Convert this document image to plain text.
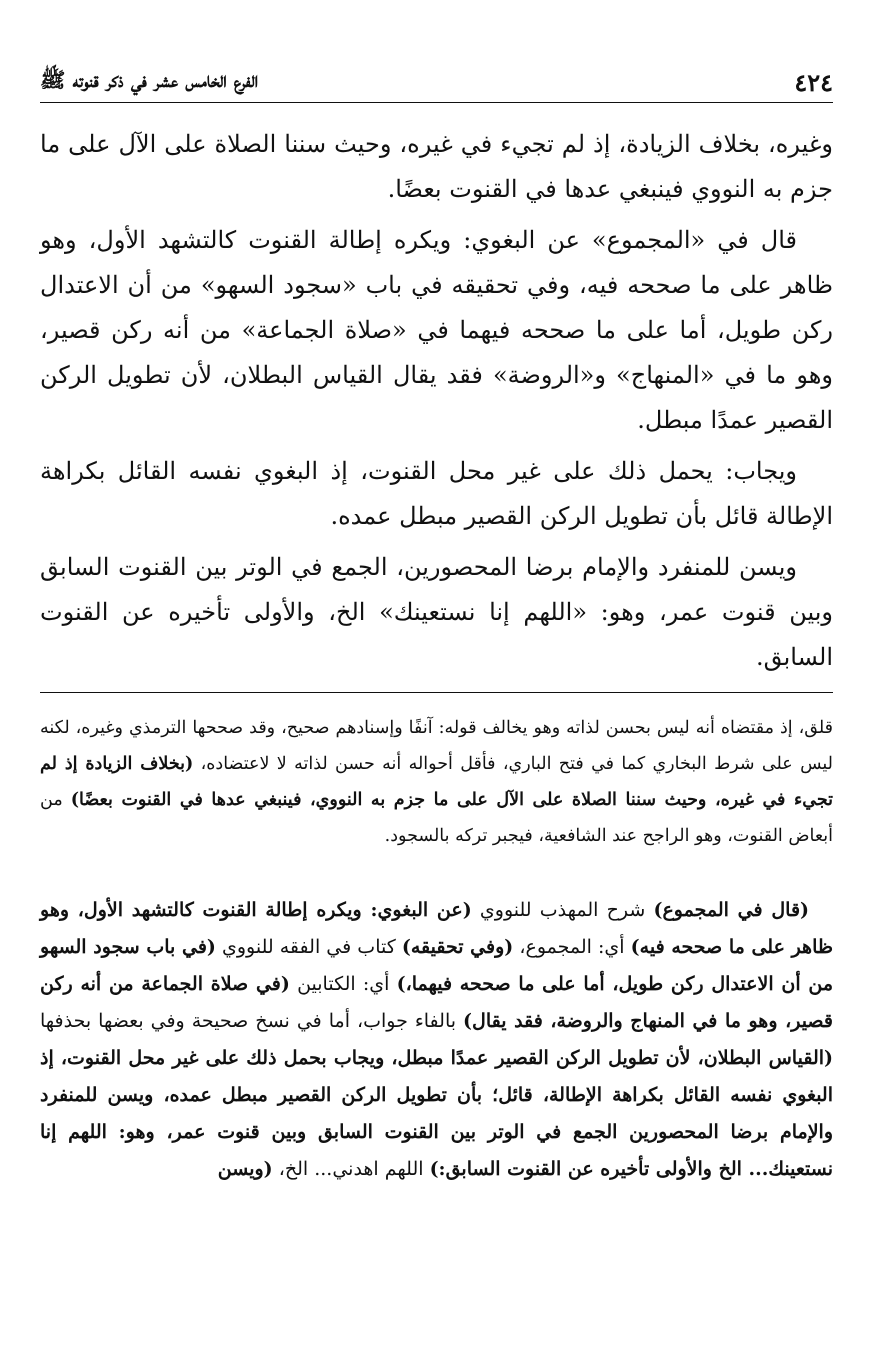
٤٢٤
الفرع الخامس عشر في ذكر قنوته ﷺ

وغيره، بخلاف الزيادة، إذ لم تجيء في غيره، وحيث سننا الصلاة على الآل على ما جزم به النووي فينبغي عدها في القنوت بعضًا.

قال في «المجموع» عن البغوي: ويكره إطالة القنوت كالتشهد الأول، وهو ظاهر على ما صححه فيه، وفي تحقيقه في باب «سجود السهو» من أن الاعتدال ركن طويل، أما على ما صححه فيهما في «صلاة الجماعة» من أنه ركن قصير، وهو ما في «المنهاج» و«الروضة» فقد يقال القياس البطلان، لأن تطويل الركن القصير عمدًا مبطل.

ويجاب: يحمل ذلك على غير محل القنوت، إذ البغوي نفسه القائل بكراهة الإطالة قائل بأن تطويل الركن القصير مبطل عمده.

ويسن للمنفرد والإمام برضا المحصورين، الجمع في الوتر بين القنوت السابق وبين قنوت عمر، وهو: «اللهم إنا نستعينك» الخ، والأولى تأخيره عن القنوت السابق.

قلق، إذ مقتضاه أنه ليس بحسن لذاته وهو يخالف قوله: آنفًا وإسنادهم صحيح، وقد صححها الترمذي وغيره، لكنه ليس على شرط البخاري كما في فتح الباري، فأقل أحواله أنه حسن لذاته لا لاعتضاده، (بخلاف الزيادة إذ لم تجيء في غيره، وحيث سننا الصلاة على الآل على ما جزم به النووي، فينبغي عدها في القنوت بعضًا) من أبعاض القنوت، وهو الراجح عند الشافعية، فيجبر تركه بالسجود.

(قال في المجموع) شرح المهذب للنووي (عن البغوي: ويكره إطالة القنوت كالتشهد الأول، وهو ظاهر على ما صححه فيه) أي: المجموع، (وفي تحقيقه) كتاب في الفقه للنووي (في باب سجود السهو من أن الاعتدال ركن طويل، أما على ما صححه فيهما،) أي: الكتابين (في صلاة الجماعة من أنه ركن قصير، وهو ما في المنهاج والروضة، فقد يقال) بالفاء جواب، أما في نسخ صحيحة وفي بعضها بحذفها (القياس البطلان، لأن تطويل الركن القصير عمدًا مبطل، ويجاب بحمل ذلك على غير محل القنوت، إذ البغوي نفسه القائل بكراهة الإطالة، قائل؛ بأن تطويل الركن القصير مبطل عمده، ويسن للمنفرد والإمام برضا المحصورين الجمع في الوتر بين القنوت السابق وبين قنوت عمر، وهو: اللهم إنا نستعينك... الخ والأولى تأخيره عن القنوت السابق:) اللهم اهدني... الخ، (ويسن
